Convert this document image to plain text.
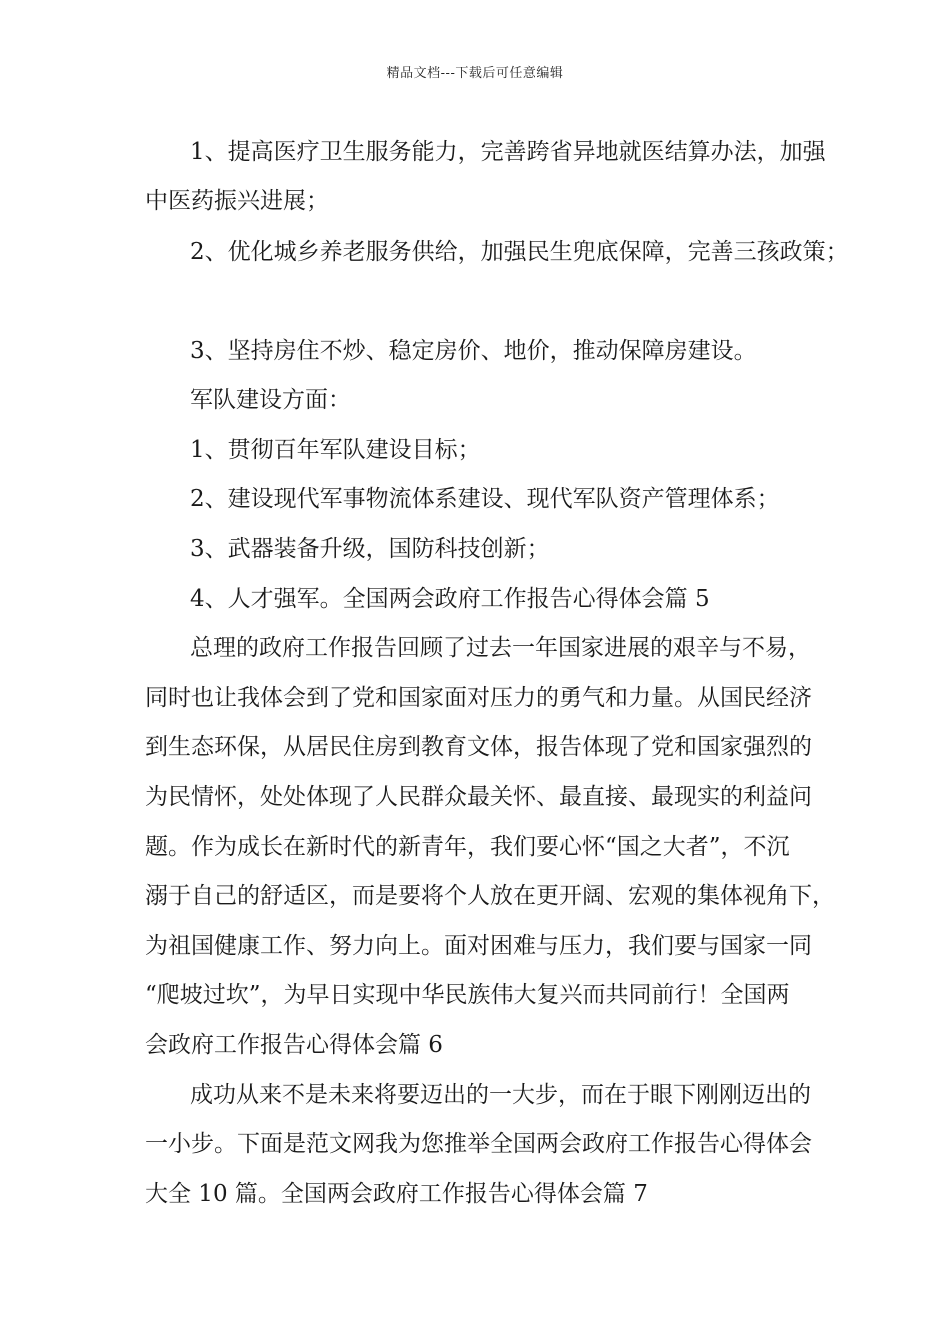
精品文档---下载后可任意编辑
1、提高医疗卫生服务能力，完善跨省异地就医结算办法，加强
中医药振兴进展；
2、优化城乡养老服务供给，加强民生兜底保障，完善三孩政策；
3、坚持房住不炒、稳定房价、地价，推动保障房建设。
军队建设方面：
1、贯彻百年军队建设目标；
2、建设现代军事物流体系建设、现代军队资产管理体系；
3、武器装备升级，国防科技创新；
4、人才强军。全国两会政府工作报告心得体会篇 5
总理的政府工作报告回顾了过去一年国家进展的艰辛与不易，
同时也让我体会到了党和国家面对压力的勇气和力量。从国民经济
到生态环保，从居民住房到教育文体，报告体现了党和国家强烈的
为民情怀，处处体现了人民群众最关怀、最直接、最现实的利益问
题。作为成长在新时代的新青年，我们要心怀“国之大者”，不沉
溺于自己的舒适区，而是要将个人放在更开阔、宏观的集体视角下，
为祖国健康工作、努力向上。面对困难与压力，我们要与国家一同
“爬坡过坎”，为早日实现中华民族伟大复兴而共同前行！全国两
会政府工作报告心得体会篇 6
成功从来不是未来将要迈出的一大步，而在于眼下刚刚迈出的
一小步。下面是范文网我为您推举全国两会政府工作报告心得体会
大全 10 篇。全国两会政府工作报告心得体会篇 7
